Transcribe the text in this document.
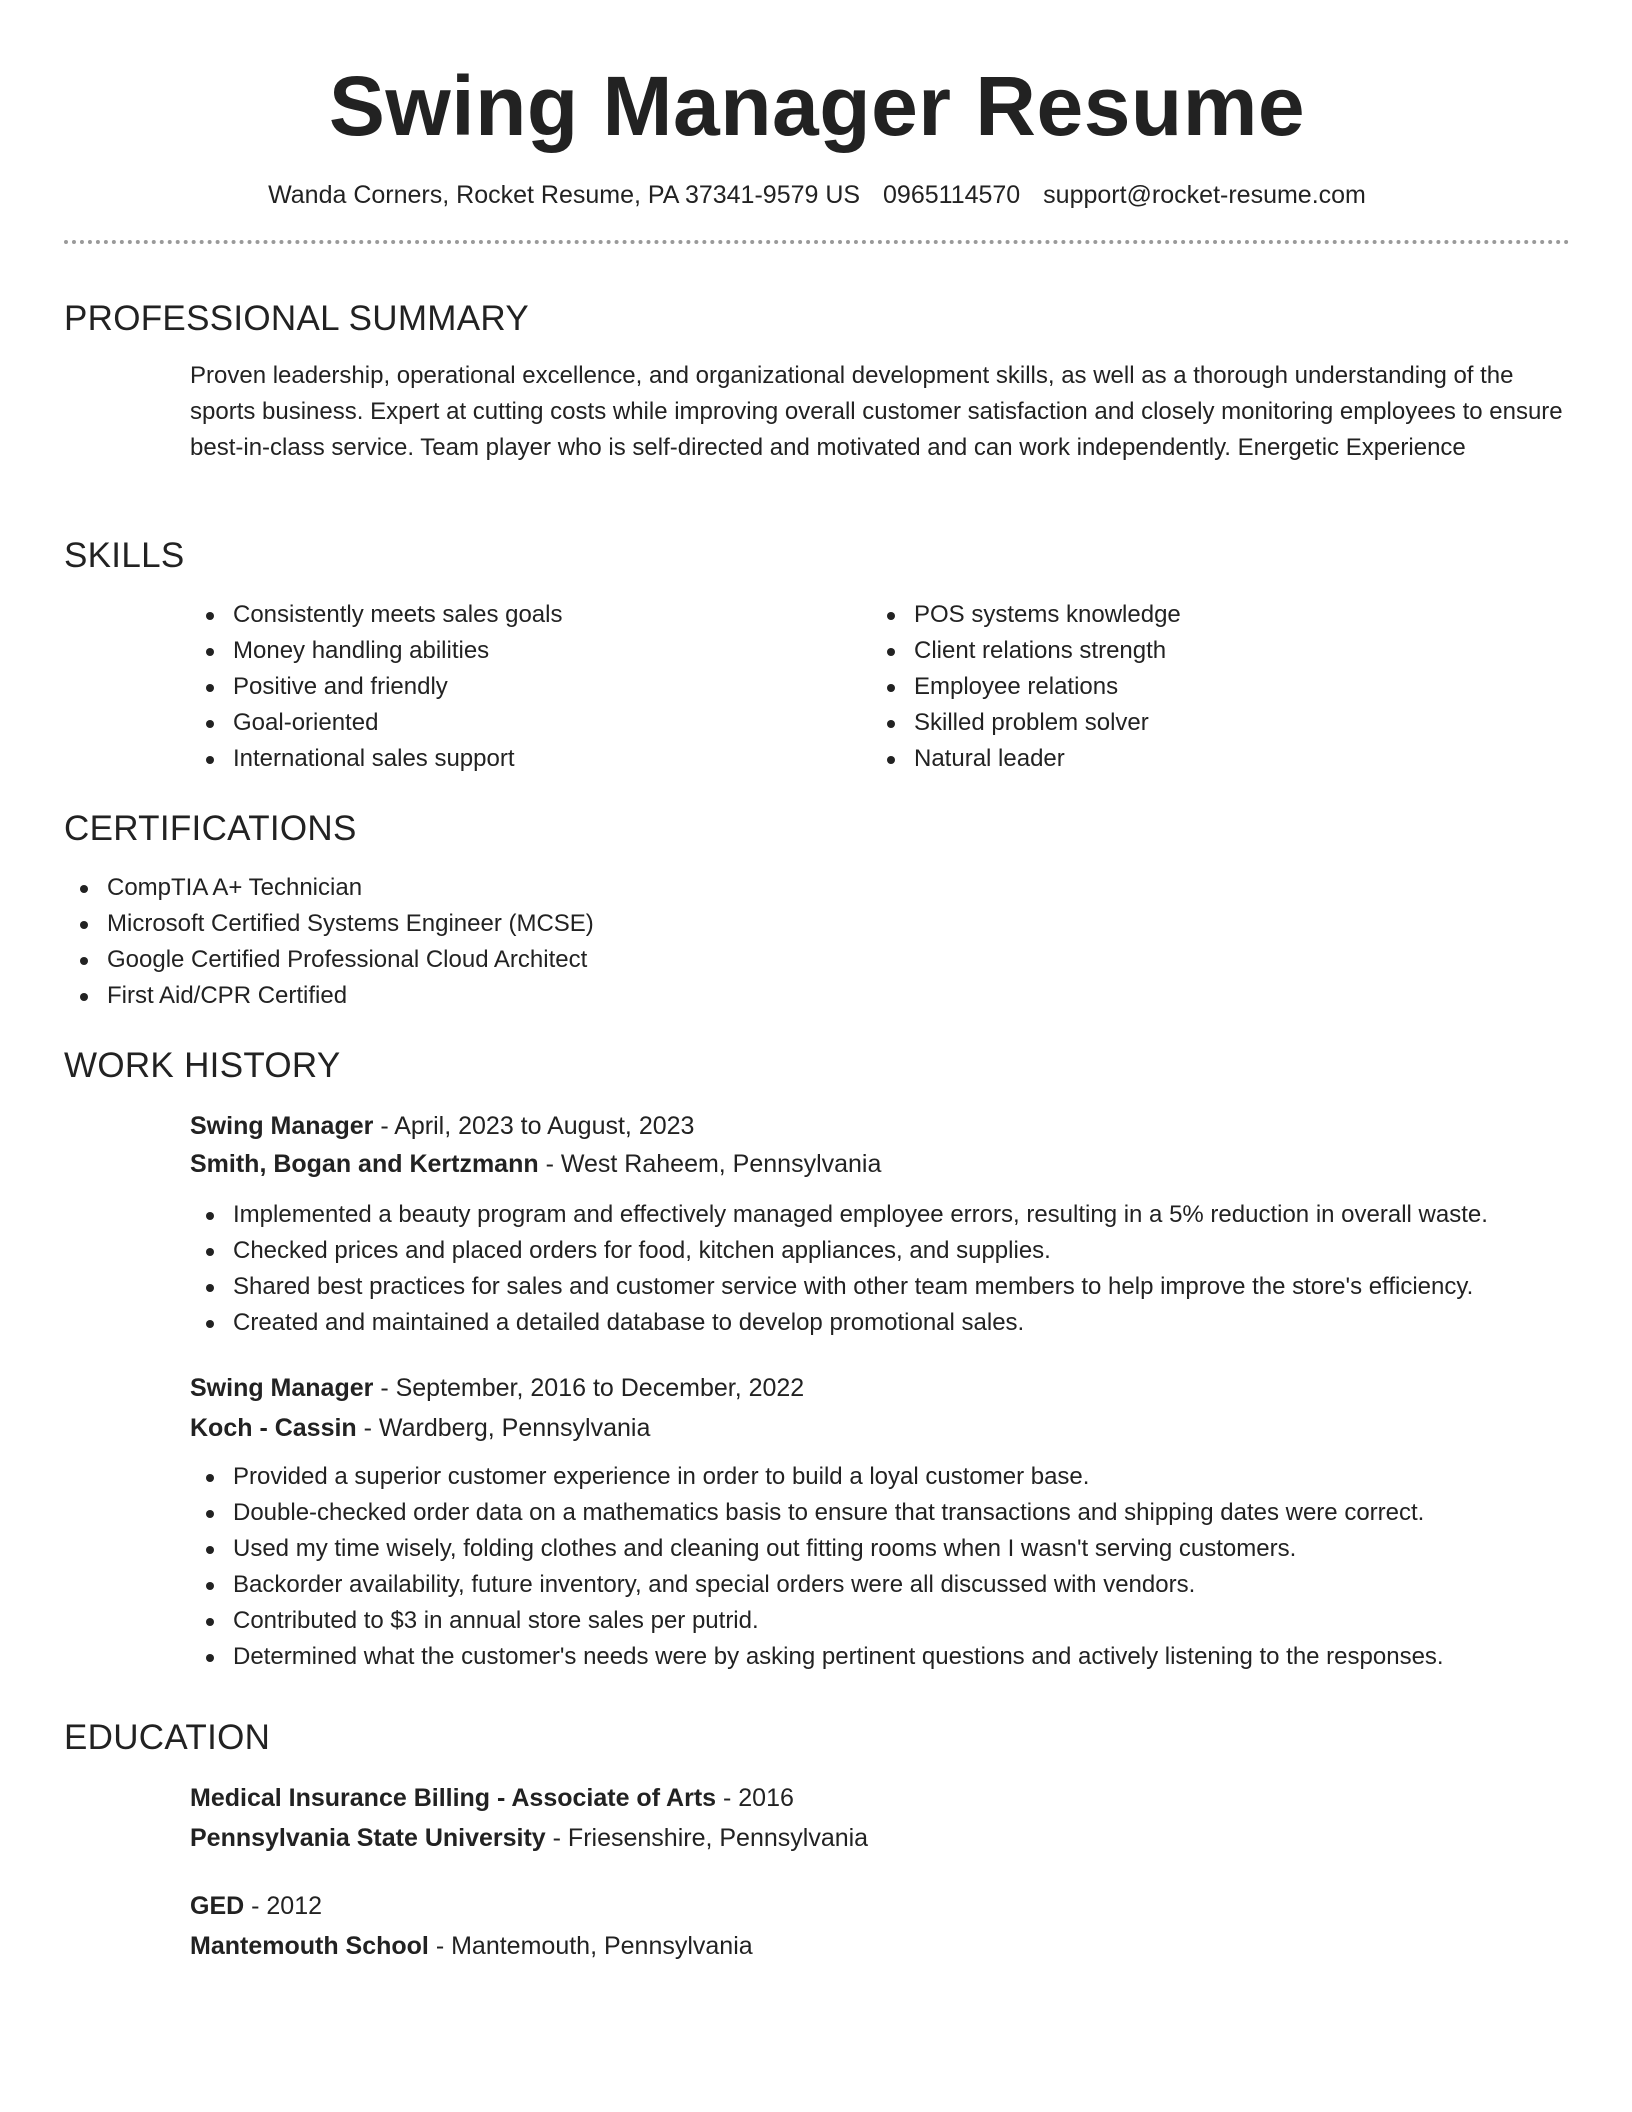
Swing Manager Resume
Wanda Corners, Rocket Resume, PA 37341-9579 US 0965114570 support@rocket-resume.com
PROFESSIONAL SUMMARY
Proven leadership, operational excellence, and organizational development skills, as well as a thorough understanding of the sports business. Expert at cutting costs while improving overall customer satisfaction and closely monitoring employees to ensure best-in-class service. Team player who is self-directed and motivated and can work independently. Energetic Experience
SKILLS
Consistently meets sales goals
Money handling abilities
Positive and friendly
Goal-oriented
International sales support
POS systems knowledge
Client relations strength
Employee relations
Skilled problem solver
Natural leader
CERTIFICATIONS
CompTIA A+ Technician
Microsoft Certified Systems Engineer (MCSE)
Google Certified Professional Cloud Architect
First Aid/CPR Certified
WORK HISTORY
Swing Manager - April, 2023 to August, 2023
Smith, Bogan and Kertzmann - West Raheem, Pennsylvania
Implemented a beauty program and effectively managed employee errors, resulting in a 5% reduction in overall waste.
Checked prices and placed orders for food, kitchen appliances, and supplies.
Shared best practices for sales and customer service with other team members to help improve the store's efficiency.
Created and maintained a detailed database to develop promotional sales.
Swing Manager - September, 2016 to December, 2022
Koch - Cassin - Wardberg, Pennsylvania
Provided a superior customer experience in order to build a loyal customer base.
Double-checked order data on a mathematics basis to ensure that transactions and shipping dates were correct.
Used my time wisely, folding clothes and cleaning out fitting rooms when I wasn't serving customers.
Backorder availability, future inventory, and special orders were all discussed with vendors.
Contributed to $3 in annual store sales per putrid.
Determined what the customer's needs were by asking pertinent questions and actively listening to the responses.
EDUCATION
Medical Insurance Billing - Associate of Arts - 2016
Pennsylvania State University - Friesenshire, Pennsylvania
GED - 2012
Mantemouth School - Mantemouth, Pennsylvania
